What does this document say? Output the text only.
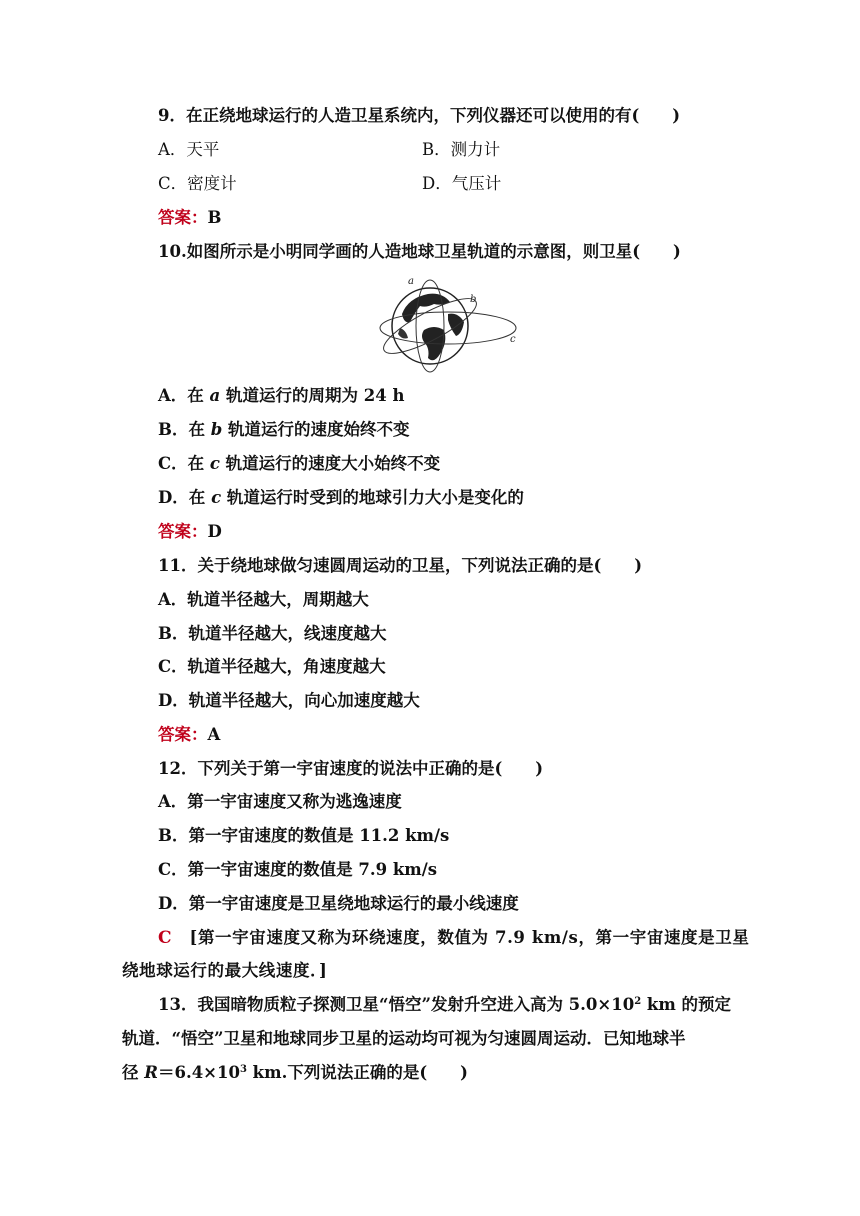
9．在正绕地球运行的人造卫星系统内，下列仪器还可以使用的有(　　)
A．天平	B．测力计
C．密度计	D．气压计
答案：B
10.如图所示是小明同学画的人造地球卫星轨道的示意图，则卫星(　　)
a
b
c
A．在 a 轨道运行的周期为 24 h
B．在 b 轨道运行的速度始终不变
C．在 c 轨道运行的速度大小始终不变
D．在 c 轨道运行时受到的地球引力大小是变化的
答案：D
11．关于绕地球做匀速圆周运动的卫星，下列说法正确的是(　　)
A．轨道半径越大，周期越大
B．轨道半径越大，线速度越大
C．轨道半径越大，角速度越大
D．轨道半径越大，向心加速度越大
答案：A
12．下列关于第一宇宙速度的说法中正确的是(　　)
A．第一宇宙速度又称为逃逸速度
B．第一宇宙速度的数值是 11.2 km/s
C．第一宇宙速度的数值是 7.9 km/s
D．第一宇宙速度是卫星绕地球运行的最小线速度
C [第一宇宙速度又称为环绕速度，数值为 7.9 km/s，第一宇宙速度是卫星
绕地球运行的最大线速度．]
13．我国暗物质粒子探测卫星“悟空”发射升空进入高为 $5.0\times 10^2$ km 的预定
轨道．“悟空”卫星和地球同步卫星的运动均可视为匀速圆周运动．已知地球半
径 $R=6.4\times 10^3$ km.下列说法正确的是(　　)
